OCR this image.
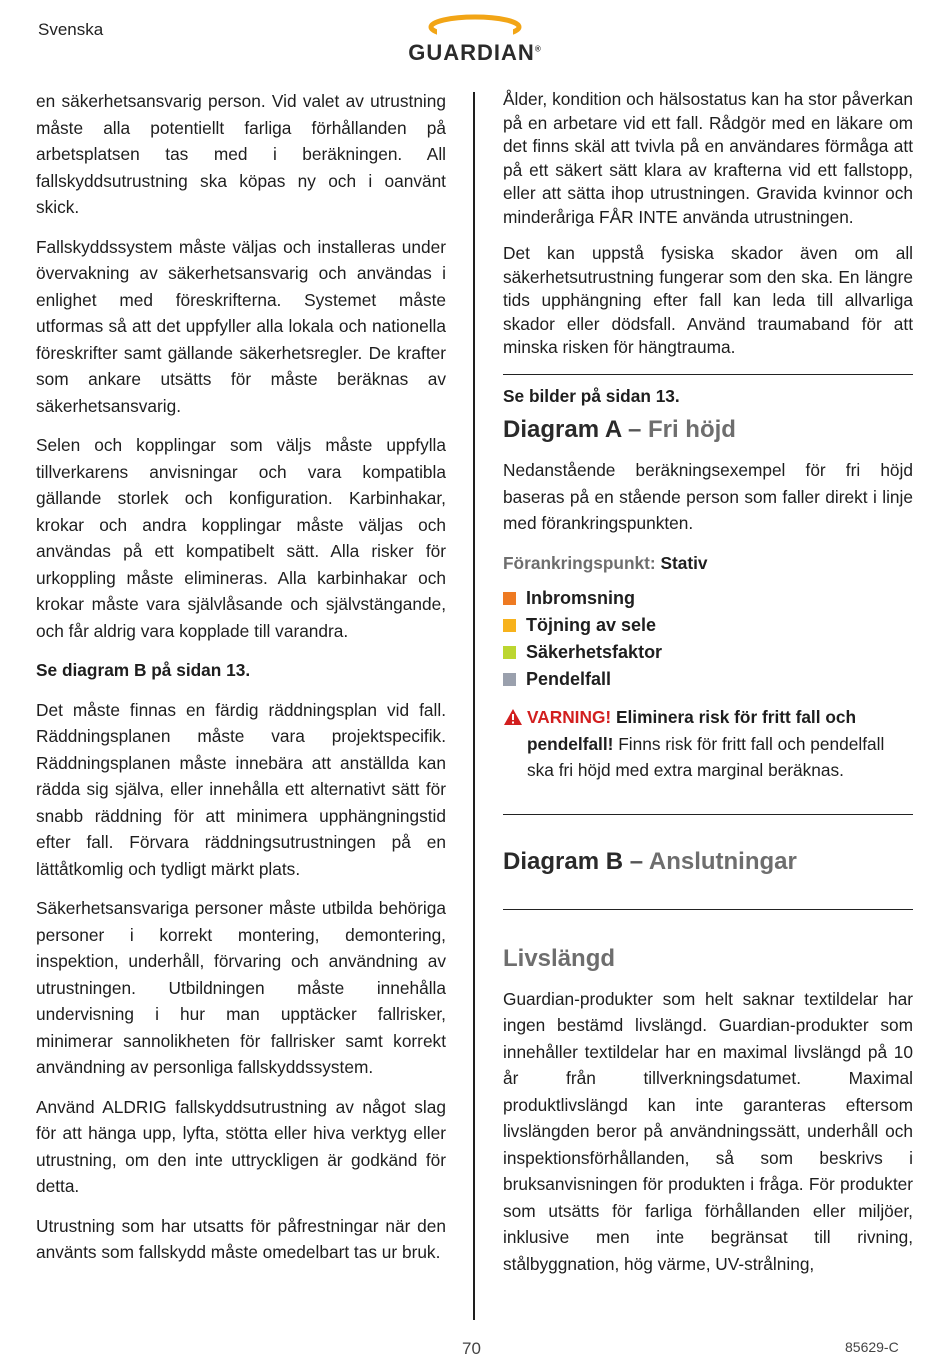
Svenska
GUARDIAN®

en säkerhetsansvarig person. Vid valet av utrustning måste alla potentiellt farliga förhållanden på arbetsplatsen tas med i beräkningen. All fallskyddsutrustning ska köpas ny och i oanvänt skick.

Fallskyddssystem måste väljas och installeras under övervakning av säkerhetsansvarig och användas i enlighet med föreskrifterna. Systemet måste utformas så att det uppfyller alla lokala och nationella föreskrifter samt gällande säkerhetsregler. De krafter som ankare utsätts för måste beräknas av säkerhetsansvarig.

Selen och kopplingar som väljs måste uppfylla tillverkarens anvisningar och vara kompatibla gällande storlek och konfiguration. Karbinhakar, krokar och andra kopplingar måste väljas och användas på ett kompatibelt sätt. Alla risker för urkoppling måste elimineras. Alla karbinhakar och krokar måste vara självlåsande och självstängande, och får aldrig vara kopplade till varandra.

Se diagram B på sidan 13.

Det måste finnas en färdig räddningsplan vid fall. Räddningsplanen måste vara projektspecifik. Räddningsplanen måste innebära att anställda kan rädda sig själva, eller innehålla ett alternativt sätt för snabb räddning för att minimera upphängningstid efter fall. Förvara räddningsutrustningen på en lättåtkomlig och tydligt märkt plats.

Säkerhetsansvariga personer måste utbilda behöriga personer i korrekt montering, demontering, inspektion, underhåll, förvaring och användning av utrustningen. Utbildningen måste innehålla undervisning i hur man upptäcker fallrisker, minimerar sannolikheten för fallrisker samt korrekt användning av personliga fallskyddssystem.

Använd ALDRIG fallskyddsutrustning av något slag för att hänga upp, lyfta, stötta eller hiva verktyg eller utrustning, om den inte uttryckligen är godkänd för detta.

Utrustning som har utsatts för påfrestningar när den använts som fallskydd måste omedelbart tas ur bruk.

Ålder, kondition och hälsostatus kan ha stor påverkan på en arbetare vid ett fall. Rådgör med en läkare om det finns skäl att tvivla på en användares förmåga att på ett säkert sätt klara av krafterna vid ett fallstopp, eller att sätta ihop utrustningen. Gravida kvinnor och minderåriga FÅR INTE använda utrustningen.

Det kan uppstå fysiska skador även om all säkerhetsutrustning fungerar som den ska. En längre tids upphängning efter fall kan leda till allvarliga skador eller dödsfall. Använd traumaband för att minska risken för hängtrauma.

Se bilder på sidan 13.

Diagram A – Fri höjd

Nedanstående beräkningsexempel för fri höjd baseras på en stående person som faller direkt i linje med förankringspunkten.

Förankringspunkt: Stativ

Inbromsning
Töjning av sele
Säkerhetsfaktor
Pendelfall
VARNING! Eliminera risk för fritt fall och pendelfall! Finns risk för fritt fall och pendelfall ska fri höjd med extra marginal beräknas.
Diagram B – Anslutningar
Livslängd

Guardian-produkter som helt saknar textildelar har ingen bestämd livslängd. Guardian-produkter som innehåller textildelar har en maximal livslängd på 10 år från tillverkningsdatumet. Maximal produktlivslängd kan inte garanteras eftersom livslängden beror på användningssätt, underhåll och inspektionsförhållanden, så som beskrivs i bruksanvisningen för produkten i fråga. För produkter som utsätts för farliga förhållanden eller miljöer, inklusive men inte begränsat till rivning, stålbyggnation, hög värme, UV-strålning,

70	85629-C
